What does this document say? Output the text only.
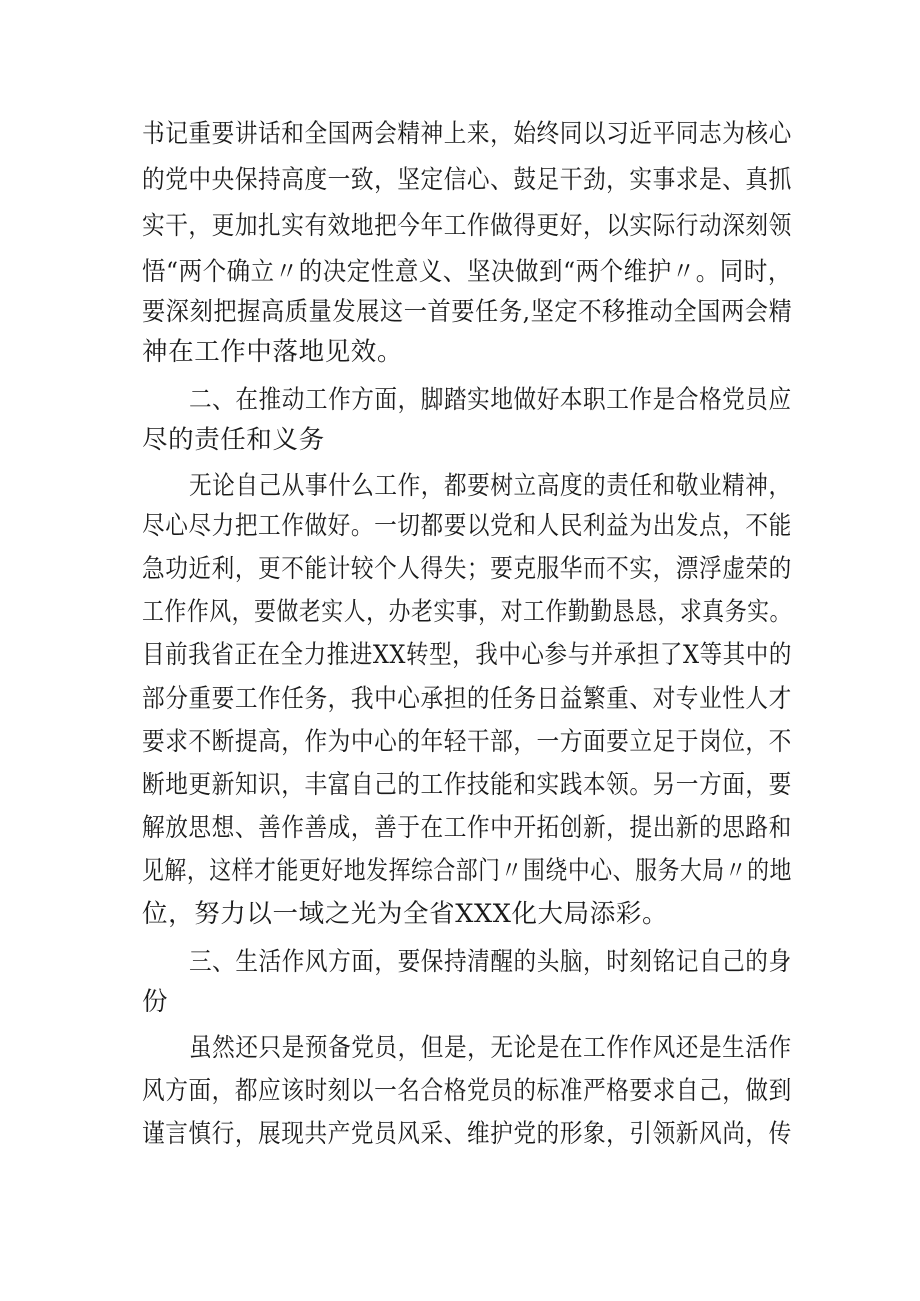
书记重要讲话和全国两会精神上来，始终同以习近平同志为核心

的党中央保持高度一致，坚定信心、鼓足干劲，实事求是、真抓

实干，更加扎实有效地把今年工作做得更好，以实际行动深刻领

悟“两个确立〃的决定性意义、坚决做到“两个维护〃。同时，

要深刻把握高质量发展这一首要任务,坚定不移推动全国两会精

神在工作中落地见效。

二、在推动工作方面，脚踏实地做好本职工作是合格党员应

尽的责任和义务

无论自己从事什么工作，都要树立高度的责任和敬业精神，

尽心尽力把工作做好。一切都要以党和人民利益为出发点，不能

急功近利，更不能计较个人得失；要克服华而不实，漂浮虚荣的

工作作风，要做老实人，办老实事，对工作勤勤恳恳，求真务实。

目前我省正在全力推进XX转型，我中心参与并承担了X等其中的

部分重要工作任务，我中心承担的任务日益繁重、对专业性人才

要求不断提高，作为中心的年轻干部，一方面要立足于岗位，不

断地更新知识，丰富自己的工作技能和实践本领。另一方面，要

解放思想、善作善成，善于在工作中开拓创新，提出新的思路和

见解，这样才能更好地发挥综合部门〃围绕中心、服务大局〃的地

位，努力以一域之光为全省XXX化大局添彩。

三、生活作风方面，要保持清醒的头脑，时刻铭记自己的身

份

虽然还只是预备党员，但是，无论是在工作作风还是生活作

风方面，都应该时刻以一名合格党员的标准严格要求自己，做到

谨言慎行，展现共产党员风采、维护党的形象，引领新风尚，传
